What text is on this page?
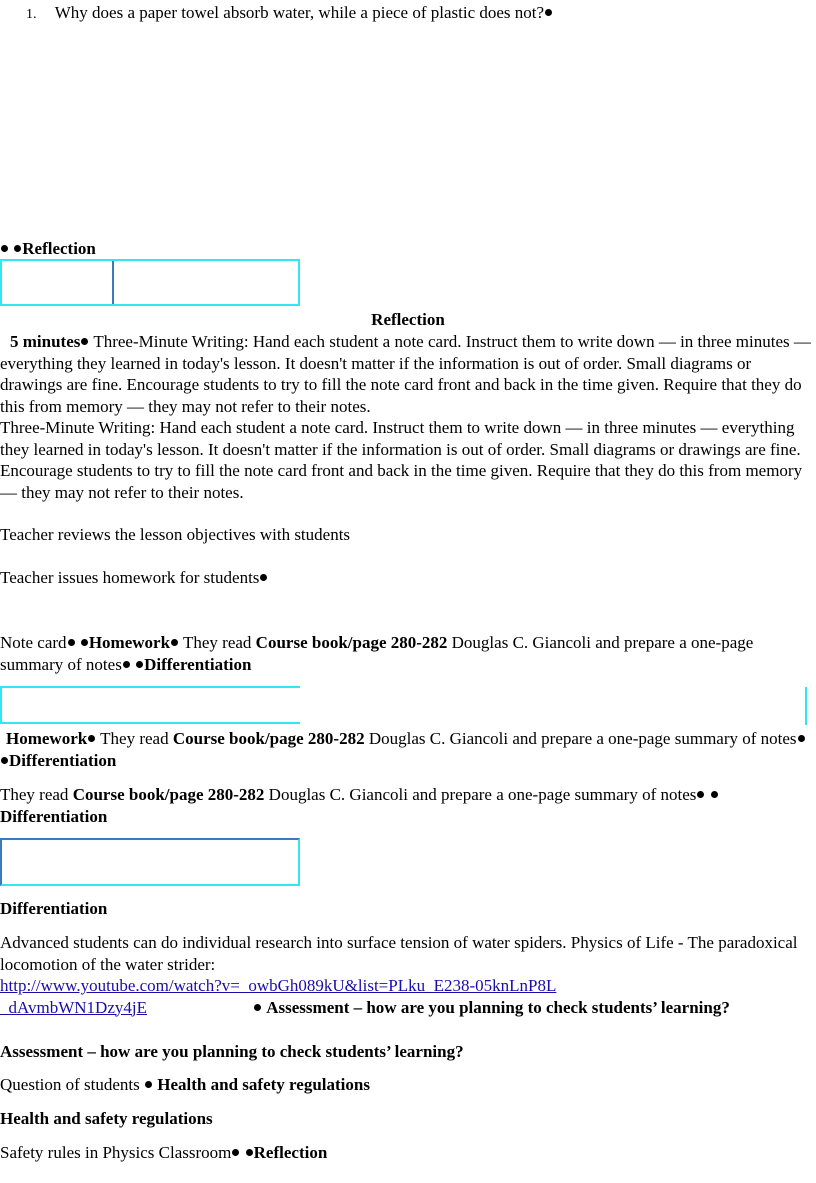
1. Why does a paper towel absorb water, while a piece of plastic does not?
Reflection
Reflection
5 minutes Three-Minute Writing: Hand each student a note card. Instruct them to write down — in three minutes — everything they learned in today's lesson. It doesn't matter if the information is out of order. Small diagrams or drawings are fine. Encourage students to try to fill the note card front and back in the time given. Require that they do this from memory — they may not refer to their notes.
Three-Minute Writing: Hand each student a note card. Instruct them to write down — in three minutes — everything they learned in today's lesson. It doesn't matter if the information is out of order. Small diagrams or drawings are fine. Encourage students to try to fill the note card front and back in the time given. Require that they do this from memory — they may not refer to their notes.
Teacher reviews the lesson objectives with students
Teacher issues homework for students
Note card Homework They read Course book/page 280-282 Douglas C. Giancoli and prepare a one-page summary of notes Differentiation
Homework They read Course book/page 280-282 Douglas C. Giancoli and prepare a one-page summary of notes Differentiation
They read Course book/page 280-282 Douglas C. Giancoli and prepare a one-page summary of notes Differentiation
Differentiation
Advanced students can do individual research into surface tension of water spiders. Physics of Life - The paradoxical locomotion of the water strider:
http://www.youtube.com/watch?v=_owbGh089kU&list=PLku_E238-05knLnP8L_dAvmbWN1Dzy4jE	Assessment – how are you planning to check students’ learning?
Assessment – how are you planning to check students’ learning?
Question of students Health and safety regulations
Health and safety regulations
Safety rules in Physics Classroom Reflection
